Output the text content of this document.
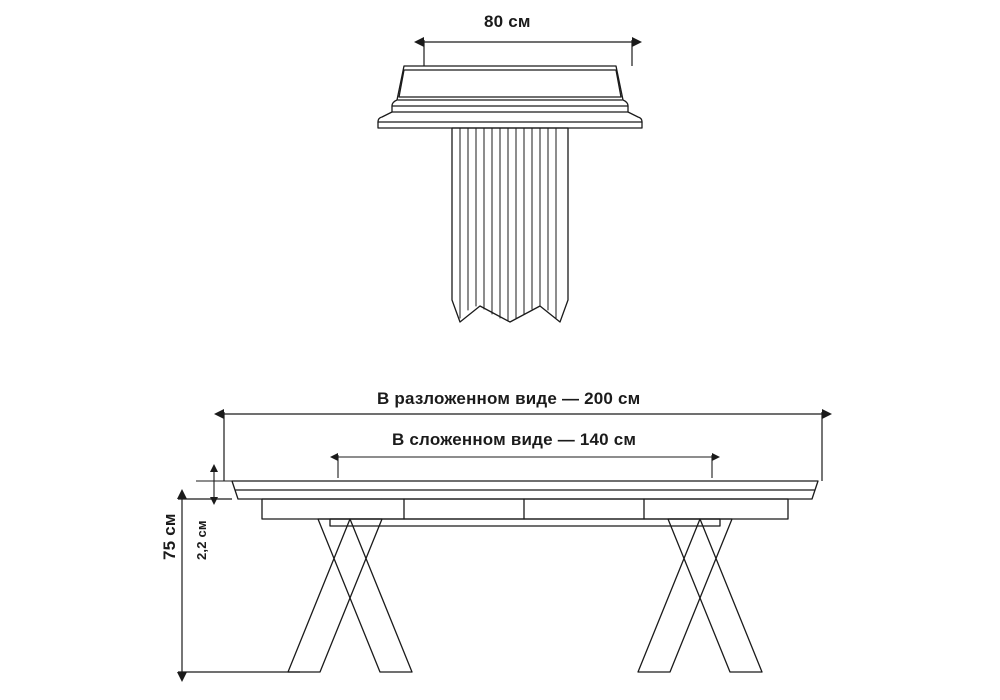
80 см
В разложенном виде — 200 см
В сложенном виде — 140 см
75 см 2,2 см
